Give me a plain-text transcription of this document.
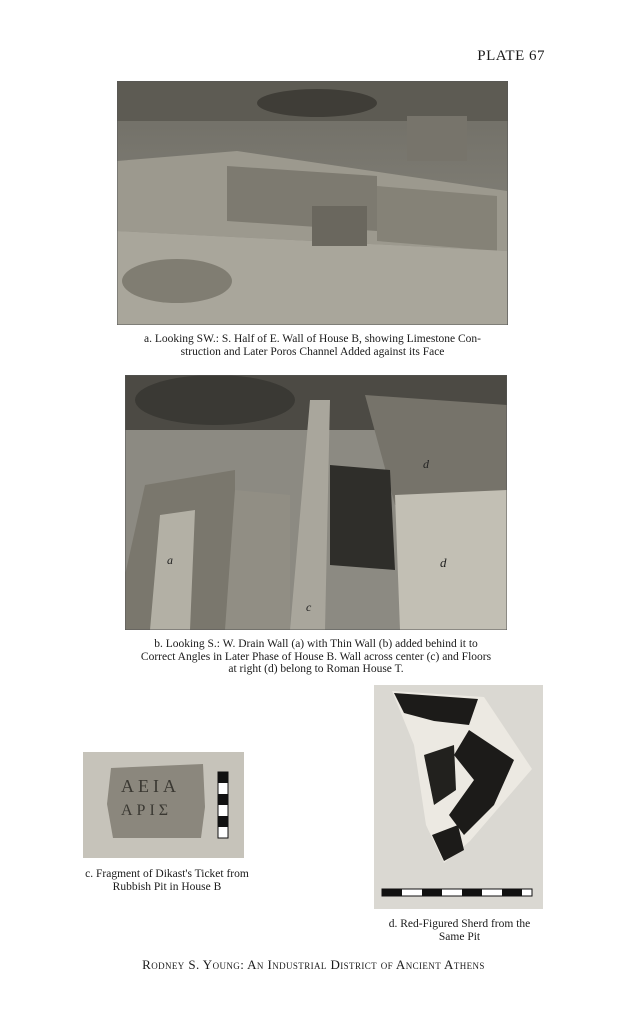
PLATE 67
a. Looking SW.: S. Half of E. Wall of House B, showing Limestone Con-
struction and Later Poros Channel Added against its Face
a
c
d
d
b. Looking S.: W. Drain Wall (a) with Thin Wall (b) added behind it to
Correct Angles in Later Phase of House B. Wall across center (c) and Floors
at right (d) belong to Roman House T.
ΑΕΙΑ
ΑΡΙΣ
c. Fragment of Dikast's Ticket from
Rubbish Pit in House B
d. Red-Figured Sherd from the
Same Pit
Rodney S. Young: An Industrial District of Ancient Athens
